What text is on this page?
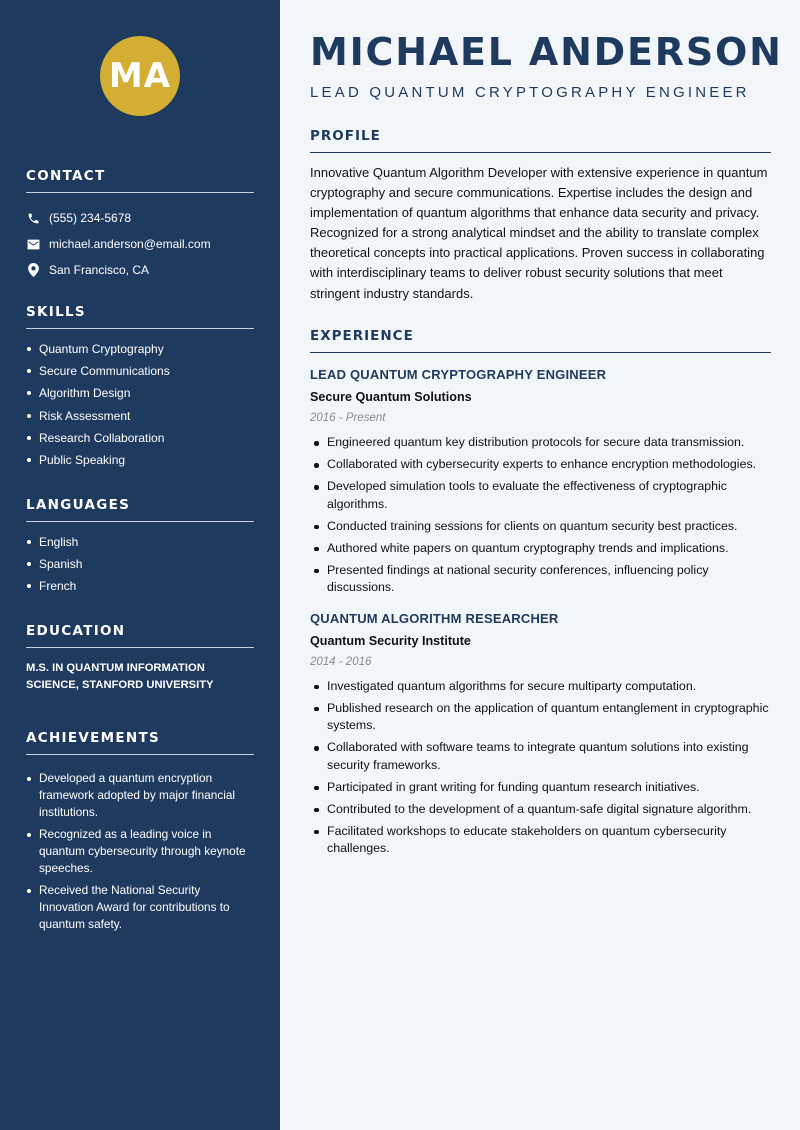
MA
CONTACT
(555) 234-5678
michael.anderson@email.com
San Francisco, CA
SKILLS
Quantum Cryptography
Secure Communications
Algorithm Design
Risk Assessment
Research Collaboration
Public Speaking
LANGUAGES
English
Spanish
French
EDUCATION
M.S. IN QUANTUM INFORMATION SCIENCE, STANFORD UNIVERSITY
ACHIEVEMENTS
Developed a quantum encryption framework adopted by major financial institutions.
Recognized as a leading voice in quantum cybersecurity through keynote speeches.
Received the National Security Innovation Award for contributions to quantum safety.
MICHAEL ANDERSON
LEAD QUANTUM CRYPTOGRAPHY ENGINEER
PROFILE

Innovative Quantum Algorithm Developer with extensive experience in quantum cryptography and secure communications. Expertise includes the design and implementation of quantum algorithms that enhance data security and privacy. Recognized for a strong analytical mindset and the ability to translate complex theoretical concepts into practical applications. Proven success in collaborating with interdisciplinary teams to deliver robust security solutions that meet stringent industry standards.

EXPERIENCE
LEAD QUANTUM CRYPTOGRAPHY ENGINEER
Secure Quantum Solutions
2016 - Present
Engineered quantum key distribution protocols for secure data transmission.
Collaborated with cybersecurity experts to enhance encryption methodologies.
Developed simulation tools to evaluate the effectiveness of cryptographic algorithms.
Conducted training sessions for clients on quantum security best practices.
Authored white papers on quantum cryptography trends and implications.
Presented findings at national security conferences, influencing policy discussions.
QUANTUM ALGORITHM RESEARCHER
Quantum Security Institute
2014 - 2016
Investigated quantum algorithms for secure multiparty computation.
Published research on the application of quantum entanglement in cryptographic systems.
Collaborated with software teams to integrate quantum solutions into existing security frameworks.
Participated in grant writing for funding quantum research initiatives.
Contributed to the development of a quantum-safe digital signature algorithm.
Facilitated workshops to educate stakeholders on quantum cybersecurity challenges.
